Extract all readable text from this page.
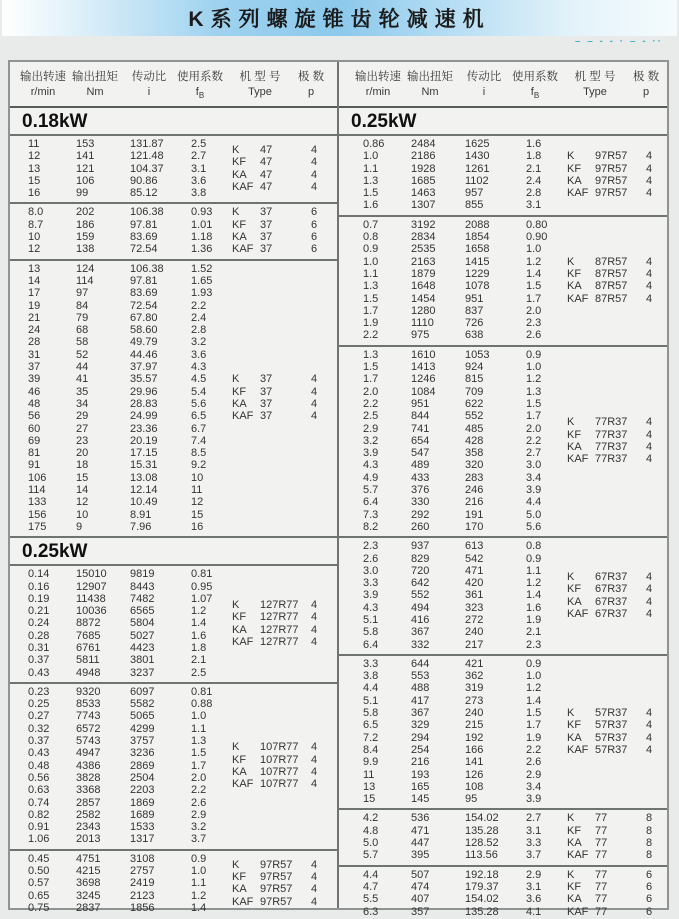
K系列螺旋锥齿轮减速机
– – - - · – - ··
输出转速
r/min
输出扭矩
Nm
传动比
i
使用系数
$f_B$
机 型 号
Type
极 数
p
0.18kW
11	153	131.87 2.5
12	141	121.48 2.7
13	121	104.37 3.1
15	106	90.86	3.6
16	99	85.12	3.8
K 47	4
KF 47	4
KA 47	4
KAF 47	4
8.0	202	106.38 0.93
8.7	186	97.81	1.01
10	159	83.69	1.18
12	138	72.54	1.36
K 37	6
KF 37	6
KA 37	6
KAF 37	6
13	124	106.38 1.52
14	114	97.81	1.65
17	97	83.69	1.93
19	84	72.54	2.2
21	79	67.80	2.4
24	68	58.60	2.8
28	58	49.79	3.2
31	52	44.46	3.6
37	44	37.97	4.3
39	41	35.57	4.5
46	35	29.96	5.4
48	34	28.83	5.6
56	29	24.99	6.5
60	27	23.36	6.7
69	23	20.19	7.4
81	20	17.15	8.5
91	18	15.31	9.2
106	15	13.08	10
114	14	12.14	11
133	12	10.49	12
156	10	8.91	15
175	9	7.96	16
K 37	4
KF 37	4
KA 37	4
KAF 37	4
0.25kW
0.14 15010 9819	0.81
0.16 12907 8443	0.95
0.19 11438 7482	1.07
0.21 10036 6565	1.2
0.24 8872	5804	1.4
0.28 7685	5027	1.6
0.31 6761	4423	1.8
0.37 5811	3801	2.1
0.43 4948	3237	2.5
K 127R77 4
KF 127R77 4
KA 127R77 4
KAF 127R77 4
0.23 9320	6097	0.81
0.25 8533	5582	0.88
0.27 7743	5065	1.0
0.32 6572	4299	1.1
0.37 5743	3757	1.3
0.43 4947	3236	1.5
0.48 4386	2869	1.7
0.56 3828	2504	2.0
0.63 3368	2203	2.2
0.74 2857	1869	2.6
0.82 2582	1689	2.9
0.91 2343	1533	3.2
1.06 2013	1317	3.7
K 107R77 4
KF 107R77 4
KA 107R77 4
KAF 107R77 4
0.45 4751	3108	0.9
0.50 4215	2757	1.0
0.57 3698	2419	1.1
0.65 3245	2123	1.2
0.75 2837	1856	1.4
K 97R57 4
KF 97R57 4
KA 97R57 4
KAF 97R57 4
输出转速
r/min
输出扭矩
Nm
传动比
i
使用系数
$f_B$
机 型 号
Type
极 数
p
0.25kW
0.86 2484	1625	1.6
1.0	2186	1430	1.8
1.1	1928	1261	2.1
1.3	1685	1102	2.4
1.5	1463	957	2.8
1.6	1307	855	3.1
K 97R57 4
KF 97R57 4
KA 97R57 4
KAF 97R57 4
0.7	3192	2088	0.80
0.8	2834	1854	0.90
0.9	2535	1658	1.0
1.0	2163	1415	1.2
1.1	1879	1229	1.4
1.3	1648	1078	1.5
1.5	1454	951	1.7
1.7	1280	837	2.0
1.9	1110	726	2.3
2.2	975	638	2.6
K 87R57 4
KF 87R57 4
KA 87R57 4
KAF 87R57 4
1.3	1610	1053	0.9
1.5	1413	924	1.0
1.7	1246	815	1.2
2.0	1084	709	1.3
2.2	951	622	1.5
2.5	844	552	1.7
2.9	741	485	2.0
3.2	654	428	2.2
3.9	547	358	2.7
4.3	489	320	3.0
4.9	433	283	3.4
5.7	376	246	3.9
6.4	330	216	4.4
7.3	292	191	5.0
8.2	260	170	5.6
K 77R37 4
KF 77R37 4
KA 77R37 4
KAF 77R37 4
2.3	937	613	0.8
2.6	829	542	0.9
3.0	720	471	1.1
3.3	642	420	1.2
3.9	552	361	1.4
4.3	494	323	1.6
5.1	416	272	1.9
5.8	367	240	2.1
6.4	332	217	2.3
K 67R37 4
KF 67R37 4
KA 67R37 4
KAF 67R37 4
3.3	644	421	0.9
3.8	553	362	1.0
4.4	488	319	1.2
5.1	417	273	1.4
5.8	367	240	1.5
6.5	329	215	1.7
7.2	294	192	1.9
8.4	254	166	2.2
9.9	216	141	2.6
11	193	126	2.9
13	165	108	3.4
15	145	95	3.9
K 57R37 4
KF 57R37 4
KA 57R37 4
KAF 57R37 4
4.2	536	154.02 2.7
4.8	471	135.28 3.1
5.0	447	128.52 3.3
5.7	395	113.56	3.7
K 77	8
KF 77	8
KA 77	8
KAF 77	8
4.4	507	192.18 2.9
4.7	474	179.37 3.1
5.5	407	154.02 3.6
6.3	357	135.28 4.1
K 77	6
KF 77	6
KA 77	6
KAF 77	6
